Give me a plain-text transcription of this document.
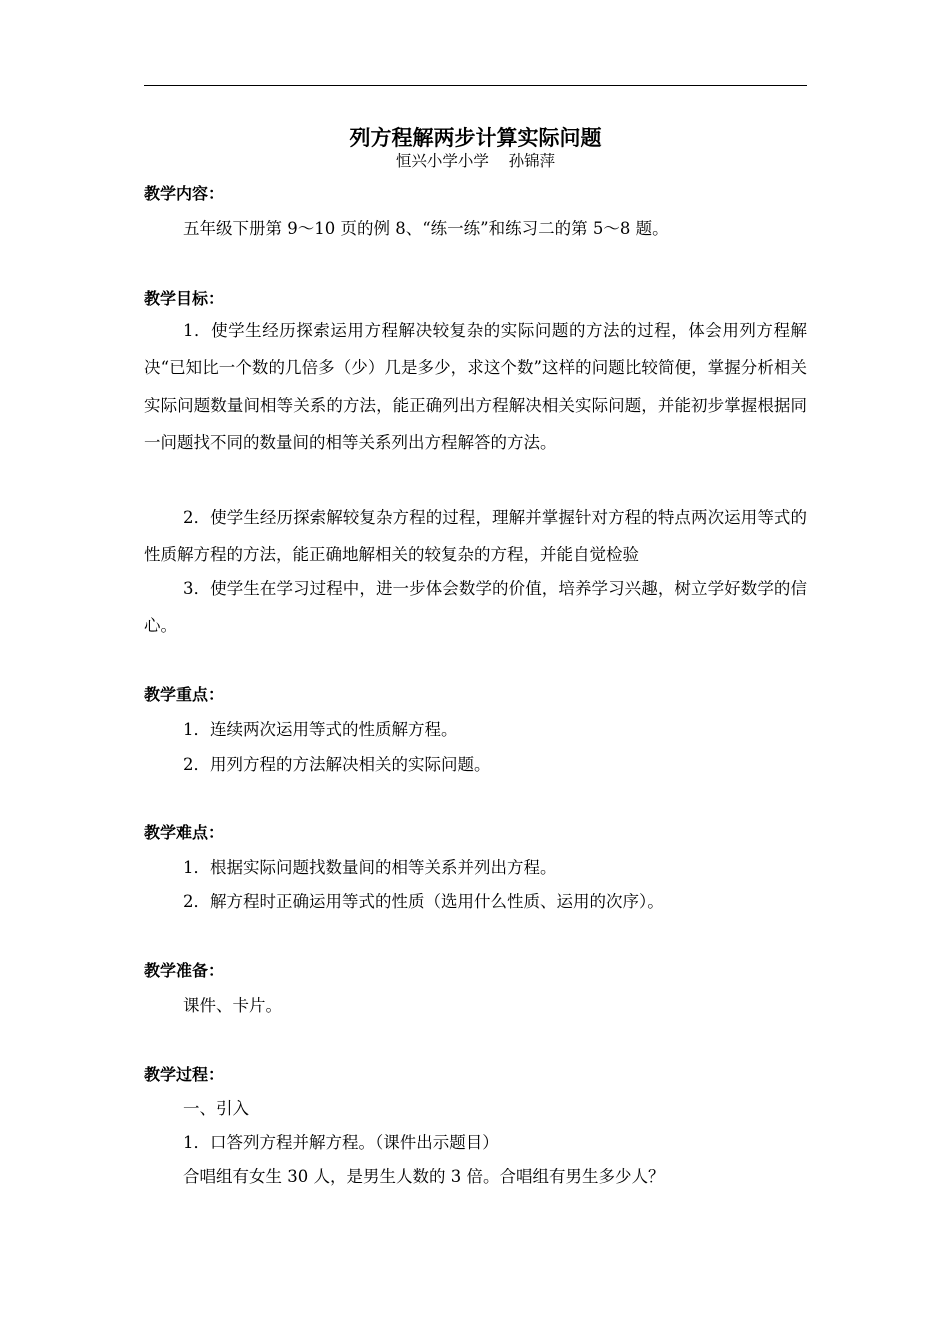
列方程解两步计算实际问题
恒兴小学小学    孙锦萍
教学内容：
五年级下册第 9～10 页的例 8、“练一练”和练习二的第 5～8 题。
教学目标：

1．使学生经历探索运用方程解决较复杂的实际问题的方法的过程，体会用列方程解决“已知比一个数的几倍多（少）几是多少，求这个数”这样的问题比较简便，掌握分析相关实际问题数量间相等关系的方法，能正确列出方程解决相关实际问题，并能初步掌握根据同一问题找不同的数量间的相等关系列出方程解答的方法。

2．使学生经历探索解较复杂方程的过程，理解并掌握针对方程的特点两次运用等式的性质解方程的方法，能正确地解相关的较复杂的方程，并能自觉检验

3．使学生在学习过程中，进一步体会数学的价值，培养学习兴趣，树立学好数学的信心。

教学重点：
1．连续两次运用等式的性质解方程。
2．用列方程的方法解决相关的实际问题。
教学难点：
1．根据实际问题找数量间的相等关系并列出方程。
2．解方程时正确运用等式的性质（选用什么性质、运用的次序）。
教学准备：
课件、卡片。
教学过程：
一、引入
1．口答列方程并解方程。（课件出示题目）
合唱组有女生 30 人，是男生人数的 3 倍。合唱组有男生多少人？
